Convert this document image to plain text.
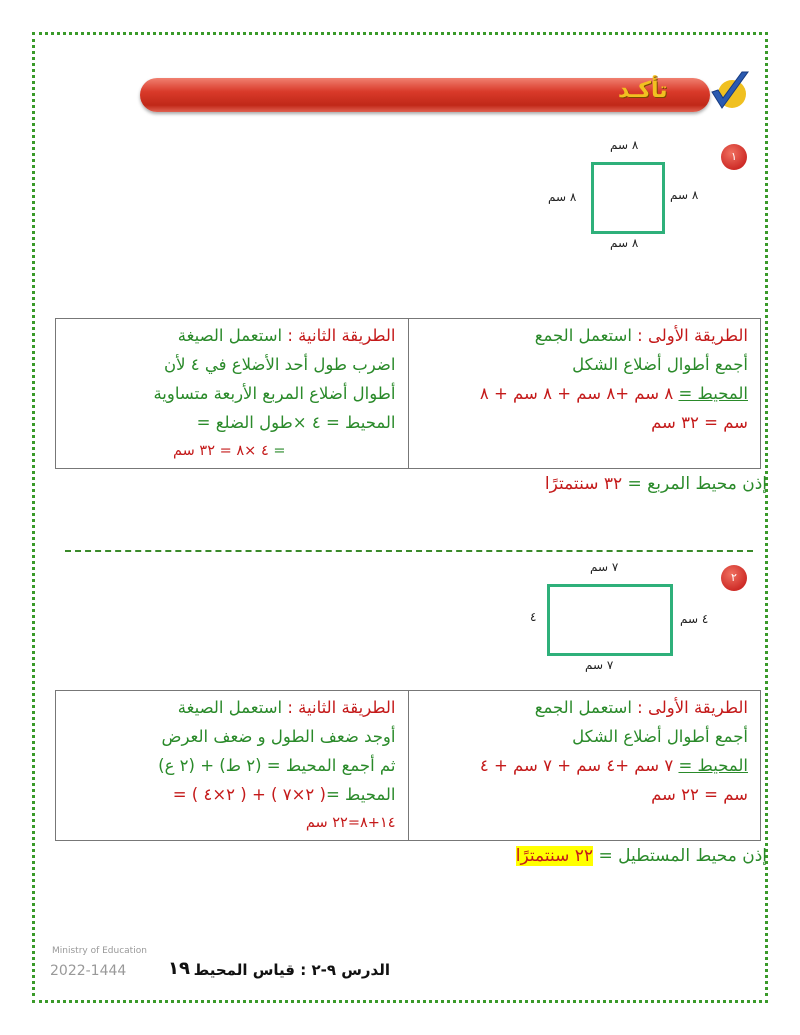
تأكـد
١
٨ سم
٨ سم
٨ سم
٨ سم
الطريقة الثانية : استعمل الصيغة
اضرب طول أحد الأضلاع في ٤ لأن
أطوال أضلاع المربع الأربعة متساوية
المحيط = ٤ ×طول الضلع =
= ٤ ×٨ = ٣٢ سم
الطريقة الأولى : استعمل الجمع
أجمع أطوال أضلاع الشكل
المحيط = ٨ سم +٨ سم + ٨ سم + ٨
سم = ٣٢ سم
إذن محيط المربع = ٣٢ سنتمترًا
٢
٧ سم
٧ سم
٤ سم
٤
الطريقة الثانية : استعمل الصيغة
أوجد ضعف الطول و ضعف العرض
ثم أجمع المحيط = (٢ ط) + (٢ ع)
المحيط =( ٢×٧ ) + ( ٢×٤ ) =
١٤+٨=٢٢ سم
الطريقة الأولى : استعمل الجمع
أجمع أطوال أضلاع الشكل
المحيط = ٧ سم +٤ سم + ٧ سم + ٤
سم = ٢٢ سم
إذن محيط المستطيل = ٢٢ سنتمترًا
Ministry of Education
2022-1444 ١٩ الدرس ٩-٢ : قياس المحيط
